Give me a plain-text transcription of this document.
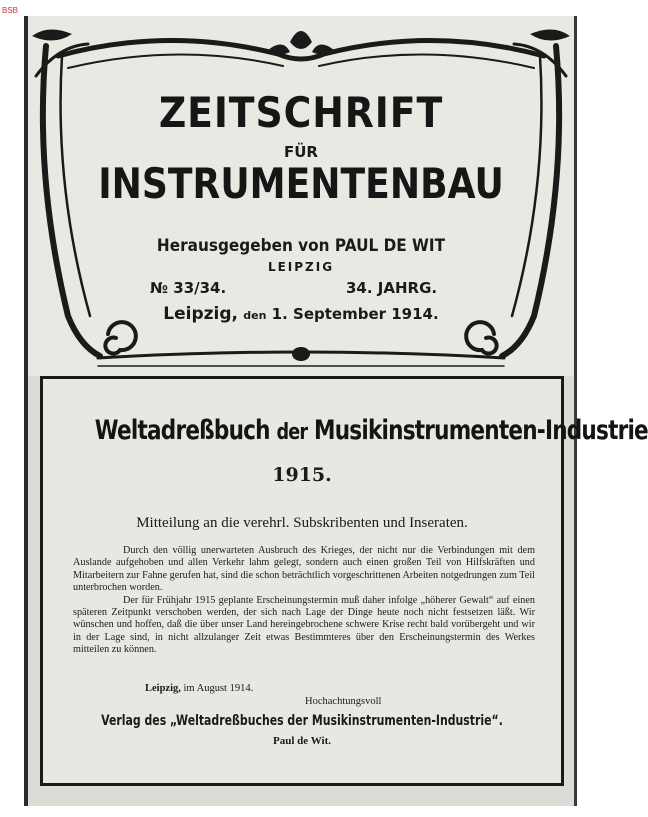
BSB
ZEITSCHRIFT
FÜR
INSTRUMENTENBAU
Herausgegeben von PAUL DE WIT
LEIPZIG
№ 33/34.	34. JAHRG.
Leipzig, den 1. September 1914.
Weltadreßbuch der Musikinstrumenten-Industrie
1915.
Mitteilung an die verehrl. Subskribenten und Inseraten.

Durch den völlig unerwarteten Ausbruch des Krieges, der nicht nur die Verbindungen mit dem Auslande aufgehoben und allen Verkehr lahm gelegt, sondern auch einen großen Teil von Hilfskräften und Mitarbeitern zur Fahne gerufen hat, sind die schon beträchtlich vorgeschrittenen Arbeiten notgedrungen zum Teil unterbrochen worden.

Der für Frühjahr 1915 geplante Erscheinungstermin muß daher infolge „höherer Gewalt“ auf einen späteren Zeitpunkt verschoben werden, der sich nach Lage der Dinge heute noch nicht festsetzen läßt. Wir wünschen und hoffen, daß die über unser Land hereingebrochene schwere Krise recht bald vorübergeht und wir in der Lage sind, in nicht allzulanger Zeit etwas Bestimmteres über den Erscheinungstermin des Werkes mitteilen zu können.

Leipzig, im August 1914.
Hochachtungsvoll
Verlag des „Weltadreßbuches der Musikinstrumenten-Industrie“.
Paul de Wit.
